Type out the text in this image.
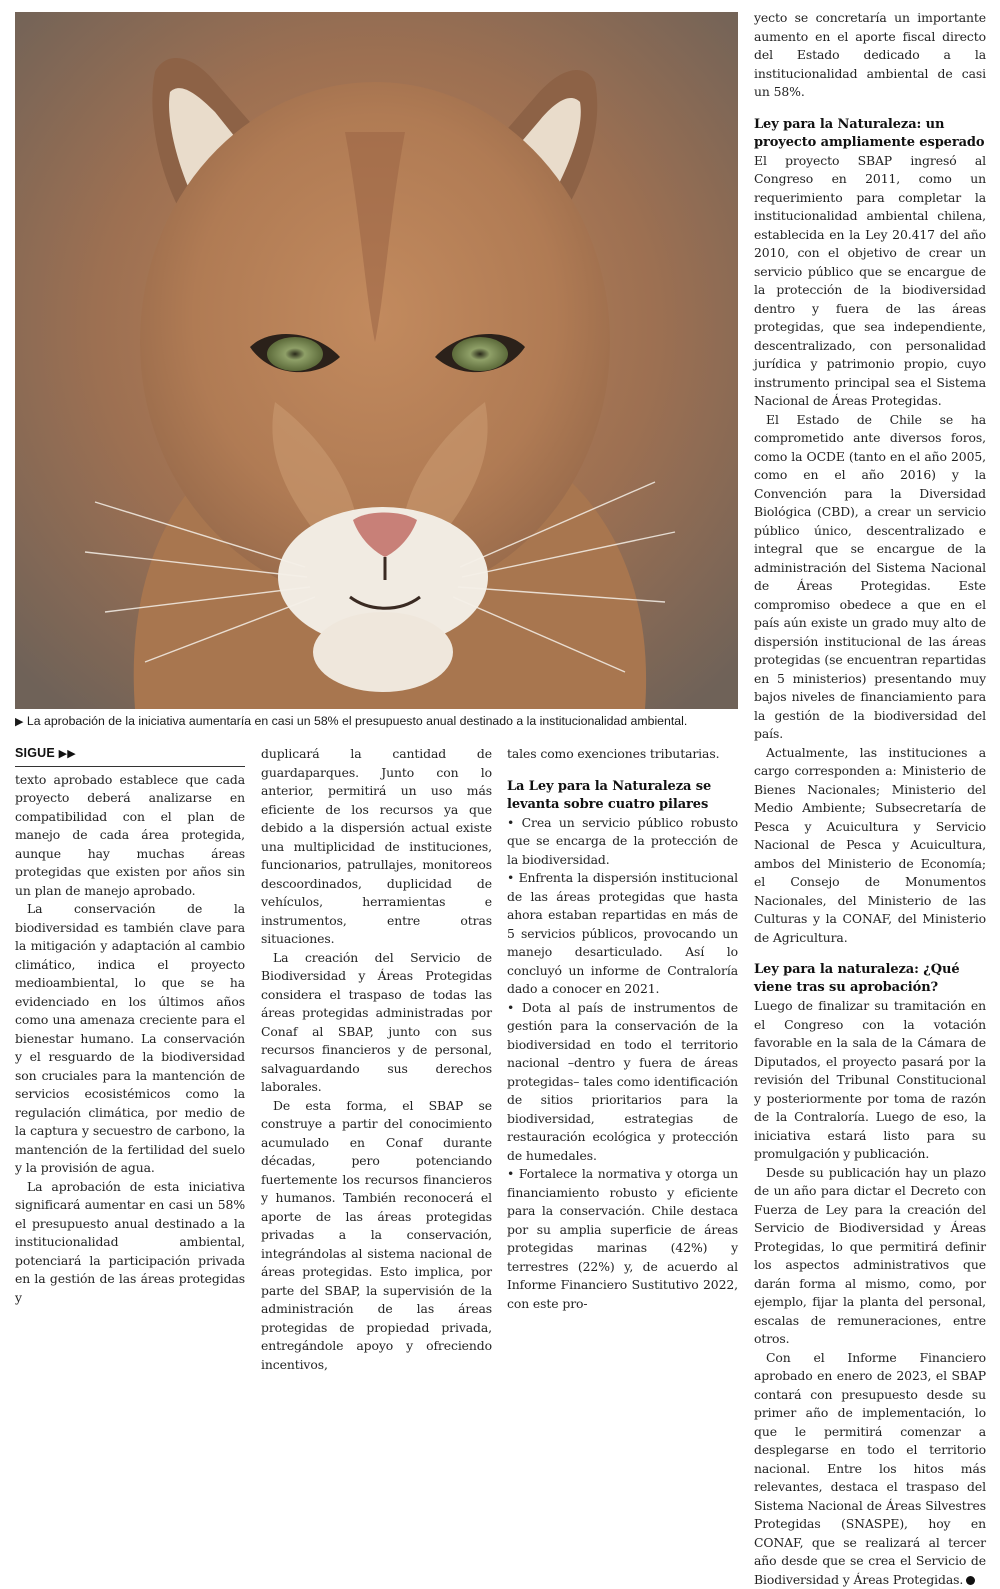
▶ La aprobación de la iniciativa aumentaría en casi un 58% el presupuesto anual destinado a la institucionalidad ambiental.
SIGUE ▶▶

texto aprobado establece que cada proyecto deberá analizarse en compatibilidad con el plan de manejo de cada área protegida, aunque hay muchas áreas protegidas que existen por años sin un plan de manejo aprobado.

La conservación de la biodiversidad es también clave para la mitigación y adaptación al cambio climático, indica el proyecto medioambiental, lo que se ha evidenciado en los últimos años como una amenaza creciente para el bienestar humano. La conservación y el resguardo de la biodiversidad son cruciales para la mantención de servicios ecosistémicos como la regulación climática, por medio de la captura y secuestro de carbono, la mantención de la fertilidad del suelo y la provisión de agua.

La aprobación de esta iniciativa significará aumentar en casi un 58% el presupuesto anual destinado a la institucionalidad ambiental, potenciará la participación privada en la gestión de las áreas protegidas y

duplicará la cantidad de guardaparques. Junto con lo anterior, permitirá un uso más eficiente de los recursos ya que debido a la dispersión actual existe una multiplicidad de instituciones, funcionarios, patrullajes, monitoreos descoordinados, duplicidad de vehículos, herramientas e instrumentos, entre otras situaciones.

La creación del Servicio de Biodiversidad y Áreas Protegidas considera el traspaso de todas las áreas protegidas administradas por Conaf al SBAP, junto con sus recursos financieros y de personal, salvaguardando sus derechos laborales.

De esta forma, el SBAP se construye a partir del conocimiento acumulado en Conaf durante décadas, pero potenciando fuertemente los recursos financieros y humanos. También reconocerá el aporte de las áreas protegidas privadas a la conservación, integrándolas al sistema nacional de áreas protegidas. Esto implica, por parte del SBAP, la supervisión de la administración de las áreas protegidas de propiedad privada, entregándole apoyo y ofreciendo incentivos,

tales como exenciones tributarias.

La Ley para la Naturaleza se levanta sobre cuatro pilares

• Crea un servicio público robusto que se encarga de la protección de la biodiversidad.

• Enfrenta la dispersión institucional de las áreas protegidas que hasta ahora estaban repartidas en más de 5 servicios públicos, provocando un manejo desarticulado. Así lo concluyó un informe de Contraloría dado a conocer en 2021.

• Dota al país de instrumentos de gestión para la conservación de la biodiversidad en todo el territorio nacional –dentro y fuera de áreas protegidas– tales como identificación de sitios prioritarios para la biodiversidad, estrategias de restauración ecológica y protección de humedales.

• Fortalece la normativa y otorga un financiamiento robusto y eficiente para la conservación. Chile destaca por su amplia superficie de áreas protegidas marinas (42%) y terrestres (22%) y, de acuerdo al Informe Financiero Sustitutivo 2022, con este pro-

yecto se concretaría un importante aumento en el aporte fiscal directo del Estado dedicado a la institucionalidad ambiental de casi un 58%.

Ley para la Naturaleza: un proyecto ampliamente esperado

El proyecto SBAP ingresó al Congreso en 2011, como un requerimiento para completar la institucionalidad ambiental chilena, establecida en la Ley 20.417 del año 2010, con el objetivo de crear un servicio público que se encargue de la protección de la biodiversidad dentro y fuera de las áreas protegidas, que sea independiente, descentralizado, con personalidad jurídica y patrimonio propio, cuyo instrumento principal sea el Sistema Nacional de Áreas Protegidas.

El Estado de Chile se ha comprometido ante diversos foros, como la OCDE (tanto en el año 2005, como en el año 2016) y la Convención para la Diversidad Biológica (CBD), a crear un servicio público único, descentralizado e integral que se encargue de la administración del Sistema Nacional de Áreas Protegidas. Este compromiso obedece a que en el país aún existe un grado muy alto de dispersión institucional de las áreas protegidas (se encuentran repartidas en 5 ministerios) presentando muy bajos niveles de financiamiento para la gestión de la biodiversidad del país.

Actualmente, las instituciones a cargo corresponden a: Ministerio de Bienes Nacionales; Ministerio del Medio Ambiente; Subsecretaría de Pesca y Acuicultura y Servicio Nacional de Pesca y Acuicultura, ambos del Ministerio de Economía; el Consejo de Monumentos Nacionales, del Ministerio de las Culturas y la CONAF, del Ministerio de Agricultura.

Ley para la naturaleza: ¿Qué viene tras su aprobación?

Luego de finalizar su tramitación en el Congreso con la votación favorable en la sala de la Cámara de Diputados, el proyecto pasará por la revisión del Tribunal Constitucional y posteriormente por toma de razón de la Contraloría. Luego de eso, la iniciativa estará listo para su promulgación y publicación.

Desde su publicación hay un plazo de un año para dictar el Decreto con Fuerza de Ley para la creación del Servicio de Biodiversidad y Áreas Protegidas, lo que permitirá definir los aspectos administrativos que darán forma al mismo, como, por ejemplo, fijar la planta del personal, escalas de remuneraciones, entre otros.

Con el Informe Financiero aprobado en enero de 2023, el SBAP contará con presupuesto desde su primer año de implementación, lo que le permitirá comenzar a desplegarse en todo el territorio nacional. Entre los hitos más relevantes, destaca el traspaso del Sistema Nacional de Áreas Silvestres Protegidas (SNASPE), hoy en CONAF, que se realizará al tercer año desde que se crea el Servicio de Biodiversidad y Áreas Protegidas.
